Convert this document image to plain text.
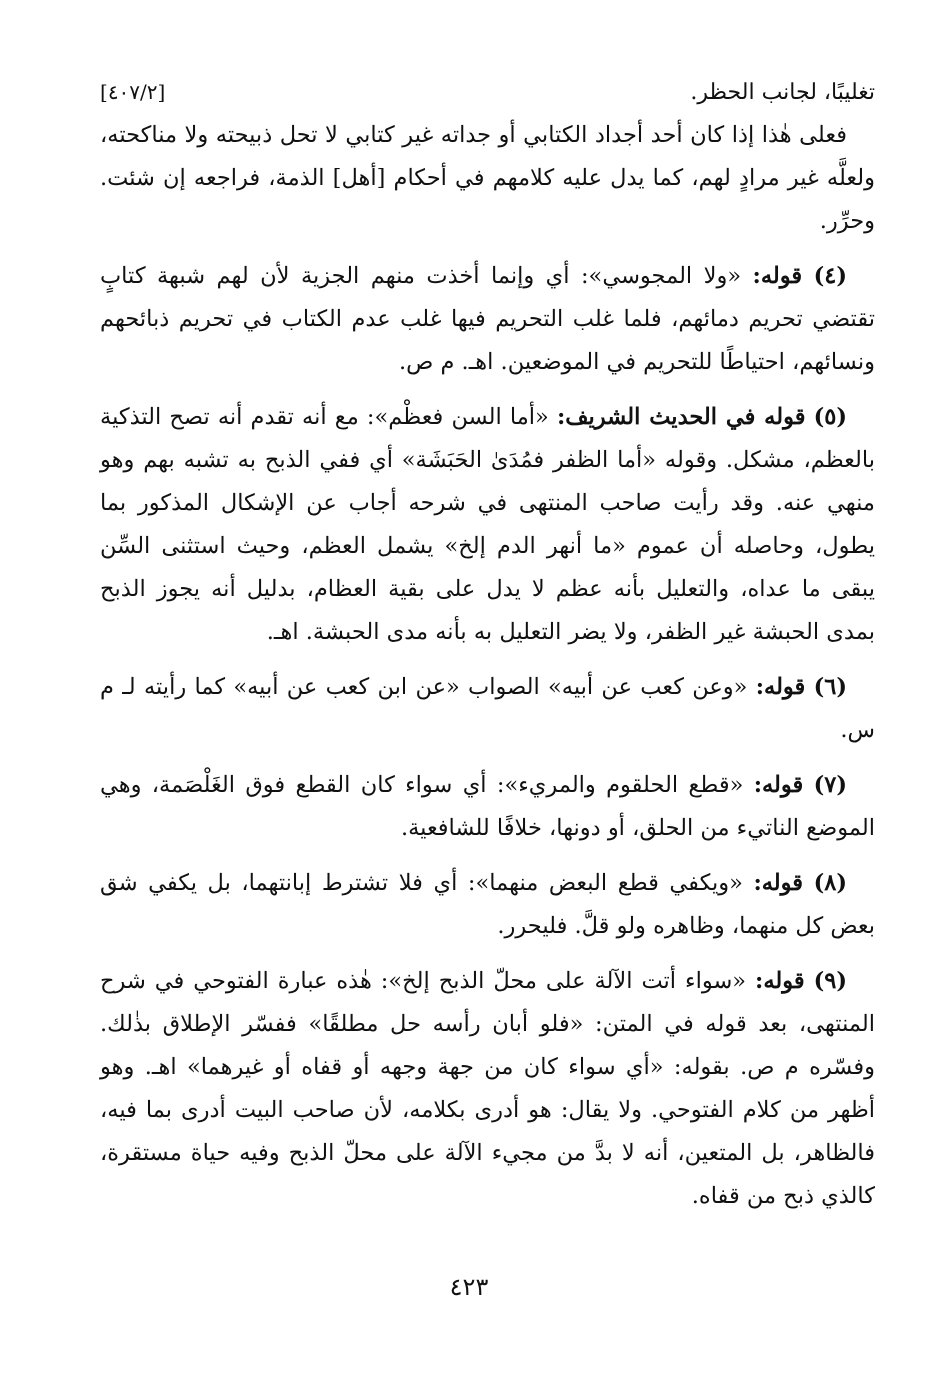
تغليبًا، لجانب الحظر.
[٤٠٧/٢]

فعلى هٰذا إذا كان أحد أجداد الكتابي أو جداته غير كتابي لا تحل ذبيحته ولا مناكحته، ولعلَّه غير مرادٍ لهم، كما يدل عليه كلامهم في أحكام [أهل] الذمة، فراجعه إن شئت. وحرِّر.

(٤) قوله: «ولا المجوسي»: أي وإنما أخذت منهم الجزية لأن لهم شبهة كتابٍ تقتضي تحريم دمائهم، فلما غلب التحريم فيها غلب عدم الكتاب في تحريم ذبائحهم ونسائهم، احتياطًا للتحريم في الموضعين. اهـ. م ص.

(٥) قوله في الحديث الشريف: «أما السن فعظْم»: مع أنه تقدم أنه تصح التذكية بالعظم، مشكل. وقوله «أما الظفر فمُدَىٰ الحَبَشَة» أي ففي الذبح به تشبه بهم وهو منهي عنه. وقد رأيت صاحب المنتهى في شرحه أجاب عن الإشكال المذكور بما يطول، وحاصله أن عموم «ما أنهر الدم إلخ» يشمل العظم، وحيث استثنى السِّن يبقى ما عداه، والتعليل بأنه عظم لا يدل على بقية العظام، بدليل أنه يجوز الذبح بمدى الحبشة غير الظفر، ولا يضر التعليل به بأنه مدى الحبشة. اهـ.

(٦) قوله: «وعن كعب عن أبيه» الصواب «عن ابن كعب عن أبيه» كما رأيته لـ م س.

(٧) قوله: «قطع الحلقوم والمريء»: أي سواء كان القطع فوق الغَلْصَمة، وهي الموضع الناتيء من الحلق، أو دونها، خلافًا للشافعية.

(٨) قوله: «ويكفي قطع البعض منهما»: أي فلا تشترط إبانتهما، بل يكفي شق بعض كل منهما، وظاهره ولو قلَّ. فليحرر.

(٩) قوله: «سواء أتت الآلة على محلّ الذبح إلخ»: هٰذه عبارة الفتوحي في شرح المنتهى، بعد قوله في المتن: «فلو أبان رأسه حل مطلقًا» ففسّر الإطلاق بذٰلك. وفسّره م ص. بقوله: «أي سواء كان من جهة وجهه أو قفاه أو غيرهما» اهـ. وهو أظهر من كلام الفتوحي. ولا يقال: هو أدرى بكلامه، لأن صاحب البيت أدرى بما فيه، فالظاهر، بل المتعين، أنه لا بدَّ من مجيء الآلة على محلّ الذبح وفيه حياة مستقرة، كالذي ذبح من قفاه.

٤٢٣
